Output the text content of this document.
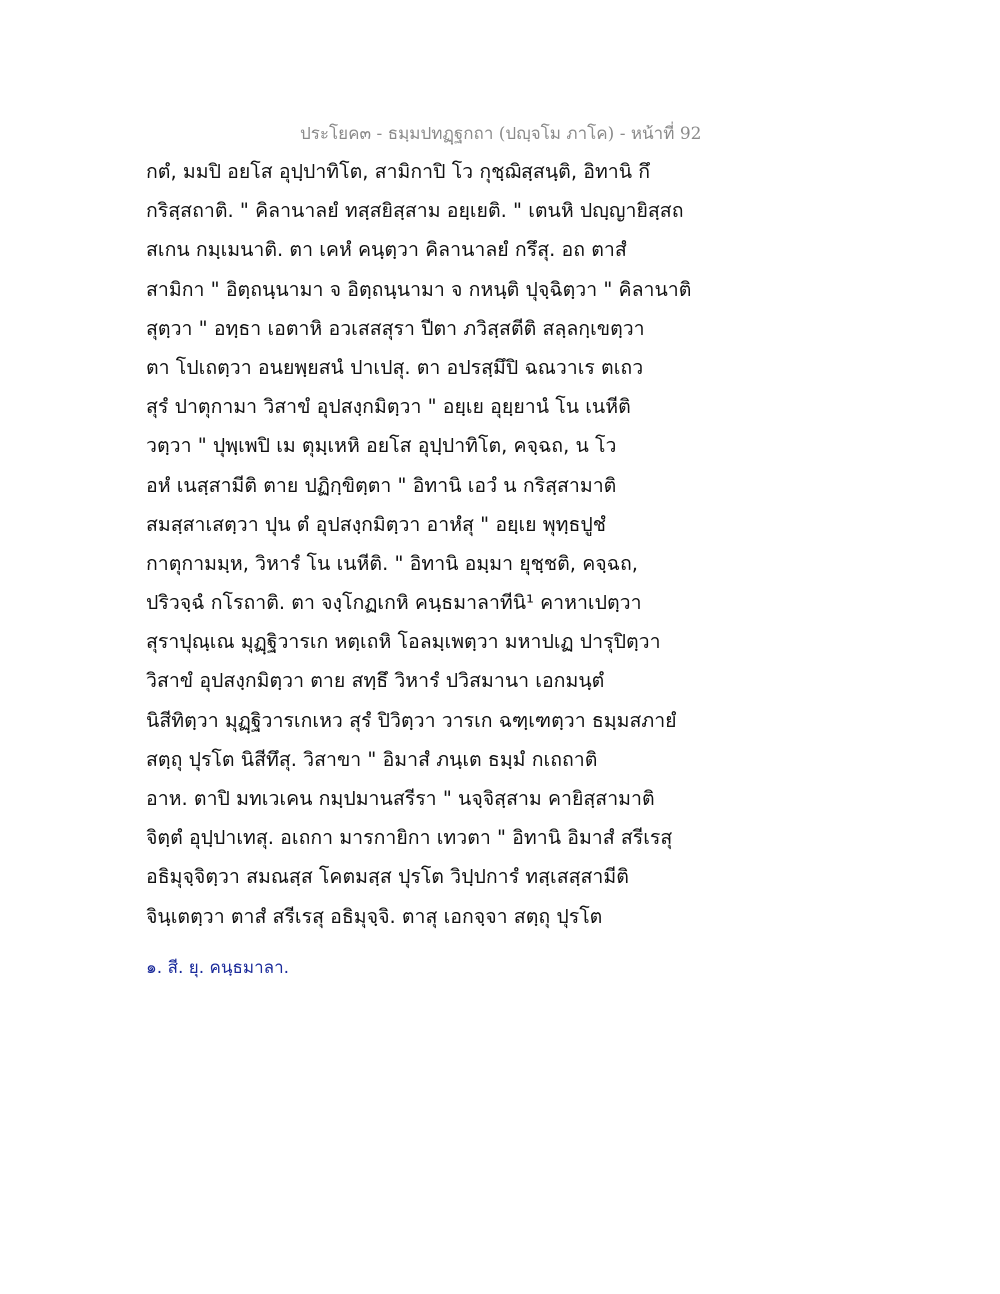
ประโยค๓ - ธมฺมปทฏฺฐกถา (ปญฺจโม ภาโค) - หน้าที่ 92
กตํ, มมปิ อยโส อุปฺปาทิโต, สามิกาปิ โว กุชฺฌิสฺสนฺติ, อิทานิ กึ
กริสฺสถาติ. " คิลานาลยํ ทสฺสยิสฺสาม อยฺเยติ. " เตนหิ ปญฺญายิสฺสถ
สเกน กมฺเมนาติ. ตา เคหํ คนฺตฺวา คิลานาลยํ กรึสุ. อถ ตาสํ
สามิกา " อิตฺถนฺนามา จ อิตฺถนฺนามา จ กหนฺติ ปุจฺฉิตฺวา " คิลานาติ
สุตฺวา " อทฺธา เอตาหิ อวเสสสุรา ปีตา ภวิสฺสตีติ สลฺลกฺเขตฺวา
ตา โปเถตฺวา อนยพฺยสนํ ปาเปสุ. ตา อปรสฺมึปิ ฉณวาเร ตเถว
สุรํ ปาตุกามา วิสาขํ อุปสงฺกมิตฺวา " อยฺเย อุยฺยานํ โน เนหีติ
วตฺวา " ปุพฺเพปิ เม ตุมฺเหหิ อยโส อุปฺปาทิโต, คจฺฉถ, น โว
อหํ เนสฺสามีติ ตาย ปฏิกฺขิตฺตา " อิทานิ เอวํ น กริสฺสามาติ
สมสฺสาเสตฺวา ปุน ตํ อุปสงฺกมิตฺวา อาหํสุ " อยฺเย พุทฺธปูชํ
กาตุกามมฺห, วิหารํ โน เนหีติ. " อิทานิ อมฺมา ยุชฺชติ, คจฺฉถ,
ปริวจฺฉํ กโรถาติ. ตา จงฺโกฏเกหิ คนฺธมาลาทีนิ¹ คาหาเปตฺวา
สุราปุณฺเณ มุฏฺฐิวารเก หตฺเถหิ โอลมฺเพตฺวา มหาปเฏ ปารุปิตฺวา
วิสาขํ อุปสงฺกมิตฺวา ตาย สทฺธึ วิหารํ ปวิสมานา เอกมนฺตํ
นิสีทิตฺวา มุฏฺฐิวารเกเหว สุรํ ปิวิตฺวา วารเก ฉฑฺเฑตฺวา ธมฺมสภายํ
สตฺถุ ปุรโต นิสีทึสุ. วิสาขา " อิมาสํ ภนฺเต ธมฺมํ กเถถาติ
อาห. ตาปิ มทเวเคน กมฺปมานสรีรา " นจฺจิสฺสาม คายิสฺสามาติ
จิตฺตํ อุปฺปาเทสุ. อเถกา มารกายิกา เทวตา " อิทานิ อิมาสํ สรีเรสุ
อธิมุจฺจิตฺวา สมณสฺส โคตมสฺส ปุรโต วิปฺปการํ ทสฺเสสฺสามีติ
จินฺเตตฺวา ตาสํ สรีเรสุ อธิมุจฺจิ. ตาสุ เอกจฺจา สตฺถุ ปุรโต
๑. สี. ยุ. คนฺธมาลา.
